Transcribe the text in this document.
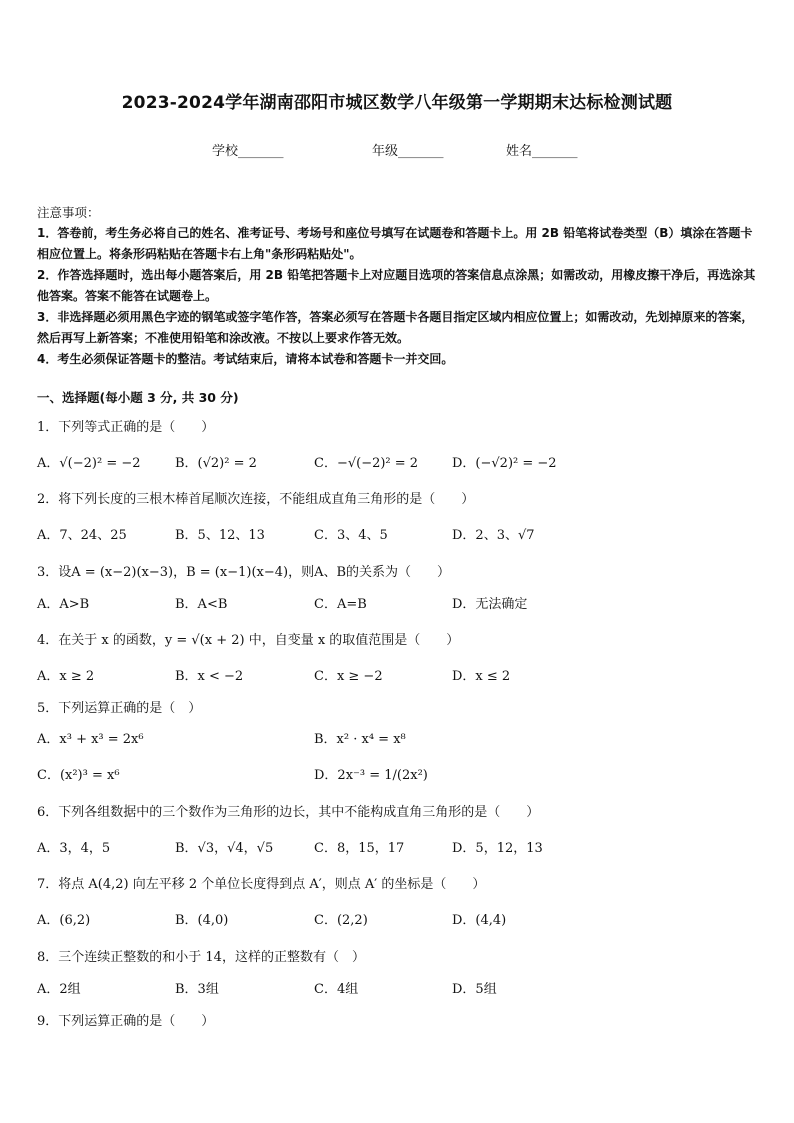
2023-2024学年湖南邵阳市城区数学八年级第一学期期末达标检测试题
学校_______	年级_______	姓名_______
注意事项：
1．答卷前，考生务必将自己的姓名、准考证号、考场号和座位号填写在试题卷和答题卡上。用 2B 铅笔将试卷类型（B）填涂在答题卡相应位置上。将条形码粘贴在答题卡右上角"条形码粘贴处"。
2．作答选择题时，选出每小题答案后，用 2B 铅笔把答题卡上对应题目选项的答案信息点涂黑；如需改动，用橡皮擦干净后，再选涂其他答案。答案不能答在试题卷上。
3．非选择题必须用黑色字迹的钢笔或签字笔作答，答案必须写在答题卡各题目指定区域内相应位置上；如需改动，先划掉原来的答案，然后再写上新答案；不准使用铅笔和涂改液。不按以上要求作答无效。
4．考生必须保证答题卡的整洁。考试结束后，请将本试卷和答题卡一并交回。
一、选择题(每小题 3 分, 共 30 分)
1．下列等式正确的是（　　）
A．√(−2)² = −2	B．(√2)² = 2	C．−√(−2)² = 2	D．(−√2)² = −2
2．将下列长度的三根木棒首尾顺次连接，不能组成直角三角形的是（　　）
A．7、24、25	B．5、12、13	C．3、4、5	D．2、3、√7
3．设A = (x−2)(x−3)，B = (x−1)(x−4)，则A、B的关系为（　　）
A．A>B	B．A<B	C．A=B	D．无法确定
4．在关于 x 的函数，y = √(x + 2) 中，自变量 x 的取值范围是（　　）
A．x ≥ 2	B．x < −2	C．x ≥ −2	D．x ≤ 2
5．下列运算正确的是（　）
A．x³ + x³ = 2x⁶	B．x² · x⁴ = x⁸
C．(x²)³ = x⁶	D．2x⁻³ = 1/(2x²)
6．下列各组数据中的三个数作为三角形的边长，其中不能构成直角三角形的是（　　）
A．3，4，5	B．√3，√4，√5	C．8，15，17	D．5，12，13
7．将点 A(4,2) 向左平移 2 个单位长度得到点 A′，则点 A′ 的坐标是（　　）
A．(6,2)	B．(4,0)	C．(2,2)	D．(4,4)
8．三个连续正整数的和小于 14，这样的正整数有（　）
A．2组	B．3组	C．4组	D．5组
9．下列运算正确的是（　　）
